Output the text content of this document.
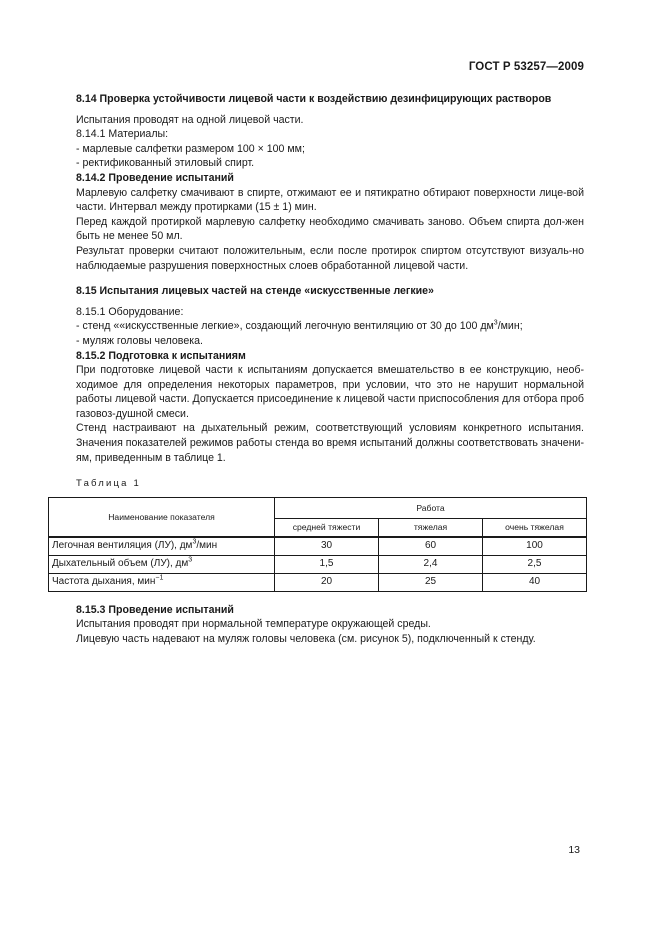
ГОСТ Р 53257—2009

8.14 Проверка устойчивости лицевой части к воздействию дезинфицирующих растворов

Испытания проводят на одной лицевой части.

8.14.1 Материалы:

- марлевые салфетки размером 100 × 100 мм;

- ректификованный этиловый спирт.

8.14.2 Проведение испытаний

Марлевую салфетку смачивают в спирте, отжимают ее и пятикратно обтирают поверхности лице-вой части. Интервал между протирками (15 ± 1) мин.

Перед каждой протиркой марлевую салфетку необходимо смачивать заново. Объем спирта дол-жен быть не менее 50 мл.

Результат проверки считают положительным, если после протирок спиртом отсутствуют визуаль-но наблюдаемые разрушения поверхностных слоев обработанной лицевой части.

8.15 Испытания лицевых частей на стенде «искусственные легкие»

8.15.1 Оборудование:

- стенд ««искусственные легкие», создающий легочную вентиляцию от 30 до 100 $дм^3$/мин;

- муляж головы человека.

8.15.2 Подготовка к испытаниям

При подготовке лицевой части к испытаниям допускается вмешательство в ее конструкцию, необ-ходимое для определения некоторых параметров, при условии, что это не нарушит нормальной работы лицевой части. Допускается присоединение к лицевой части приспособления для отбора проб газовоз-душной смеси.

Стенд настраивают на дыхательный режим, соответствующий условиям конкретного испытания. Значения показателей режимов работы стенда во время испытаний должны соответствовать значени-ям, приведенным в таблице 1.

Таблица 1
Наименование показателя	Работа		
	средней тяжести	тяжелая	очень тяжелая
Легочная вентиляция (ЛУ), $дм^3$/мин	30	60	100
Дыхательный объем (ЛУ), $дм^3$	1,5	2,4	2,5
Частота дыхания, мин$^{-1}$	20	25	40

8.15.3 Проведение испытаний

Испытания проводят при нормальной температуре окружающей среды.

Лицевую часть надевают на муляж головы человека (см. рисунок 5), подключенный к стенду.

13
